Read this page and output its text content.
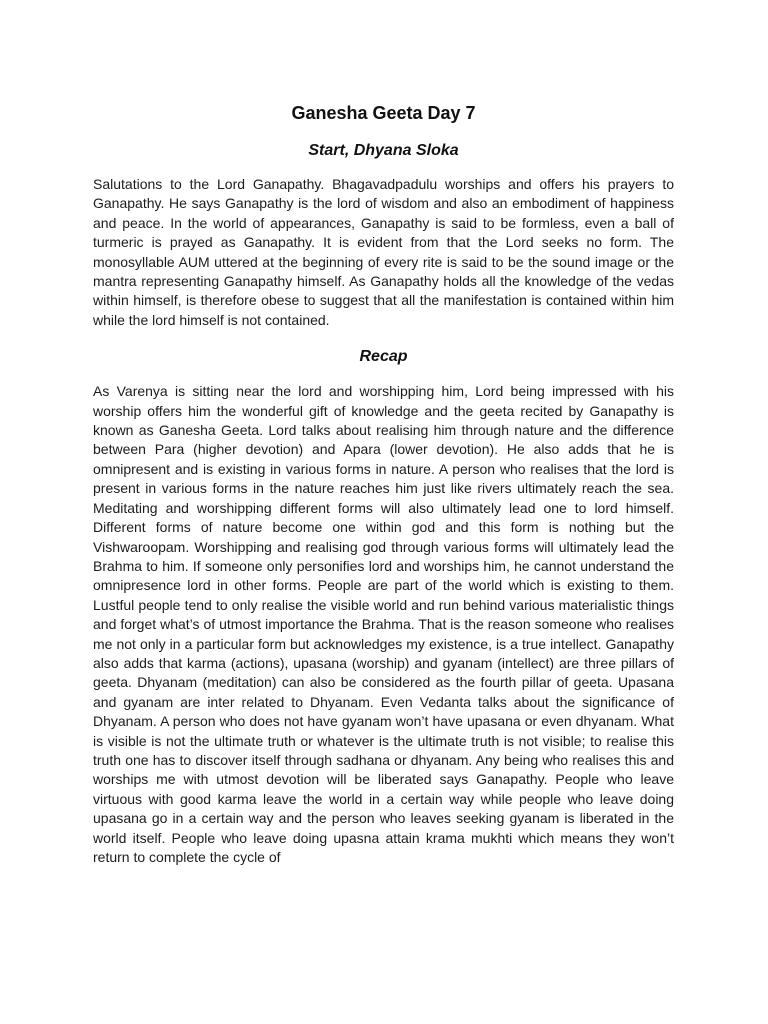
Ganesha Geeta Day 7
Start, Dhyana Sloka

Salutations to the Lord Ganapathy. Bhagavadpadulu worships and offers his prayers to Ganapathy. He says Ganapathy is the lord of wisdom and also an embodiment of happiness and peace. In the world of appearances, Ganapathy is said to be formless, even a ball of turmeric is prayed as Ganapathy. It is evident from that the Lord seeks no form. The monosyllable AUM uttered at the beginning of every rite is said to be the sound image or the mantra representing Ganapathy himself. As Ganapathy holds all the knowledge of the vedas within himself, is therefore obese to suggest that all the manifestation is contained within him while the lord himself is not contained.

Recap

As Varenya is sitting near the lord and worshipping him, Lord being impressed with his worship offers him the wonderful gift of knowledge and the geeta recited by Ganapathy is known as Ganesha Geeta. Lord talks about realising him through nature and the difference between Para (higher devotion) and Apara (lower devotion). He also adds that he is omnipresent and is existing in various forms in nature. A person who realises that the lord is present in various forms in the nature reaches him just like rivers ultimately reach the sea. Meditating and worshipping different forms will also ultimately lead one to lord himself. Different forms of nature become one within god and this form is nothing but the Vishwaroopam. Worshipping and realising god through various forms will ultimately lead the Brahma to him. If someone only personifies lord and worships him, he cannot understand the omnipresence lord in other forms. People are part of the world which is existing to them. Lustful people tend to only realise the visible world and run behind various materialistic things and forget what’s of utmost importance the Brahma. That is the reason someone who realises me not only in a particular form but acknowledges my existence, is a true intellect. Ganapathy also adds that karma (actions), upasana (worship) and gyanam (intellect) are three pillars of geeta. Dhyanam (meditation) can also be considered as the fourth pillar of geeta. Upasana and gyanam are inter related to Dhyanam. Even Vedanta talks about the significance of Dhyanam. A person who does not have gyanam won’t have upasana or even dhyanam. What is visible is not the ultimate truth or whatever is the ultimate truth is not visible; to realise this truth one has to discover itself through sadhana or dhyanam. Any being who realises this and worships me with utmost devotion will be liberated says Ganapathy. People who leave virtuous with good karma leave the world in a certain way while people who leave doing upasana go in a certain way and the person who leaves seeking gyanam is liberated in the world itself. People who leave doing upasna attain krama mukhti which means they won’t return to complete the cycle of
